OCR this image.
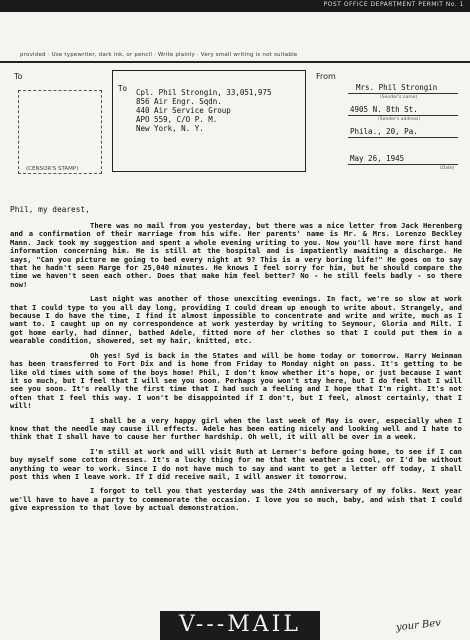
POST OFFICE DEPARTMENT PERMIT No. 1
provided · Use typewriter, dark ink, or pencil · Write plainly · Very small writing is not suitable
To	From
To Cpl. Phil Strongin, 33,051,975
856 Air Engr. Sqdn.
440 Air Service Group
APO 559, C/O P. M.
New York, N. Y.
(CENSOR'S STAMP)
Mrs. Phil Strongin
(Sender's name)
4905 N. 8th St.
(Sender's address)
Phila., 20, Pa.
May 26, 1945
(Date)
Phil, my dearest,

There was no mail from you yesterday, but there was a nice letter from Jack Herenberg and a confirmation of their marriage from his wife. Her parents' name is Mr. & Mrs. Lorenzo Beckley Mann. Jack took my suggestion and spent a whole evening writing to you. Now you'll have more first hand information concerning him. He is still at the hospital and is impatiently awaiting a discharge. He says, "Can you picture me going to bed every night at 9? This is a very boring life!" He goes on to say that he hadn't seen Marge for 25,040 minutes. He knows I feel sorry for him, but he should compare the time we haven't seen each other. Does that make him feel better? No - he still feels badly - so there now!

Last night was another of those unexciting evenings. In fact, we're so slow at work that I could type to you all day long, providing I could dream up enough to write about. Strangely, and because I do have the time, I find it almost impossible to concentrate and write and write, much as I want to. I caught up on my correspondence at work yesterday by writing to Seymour, Gloria and Milt. I got home early, had dinner, bathed Adele, fitted more of her clothes so that I could put them in a wearable condition, showered, set my hair, knitted, etc.

Oh yes! Syd is back in the States and will be home today or tomorrow. Harry Weinman has been transferred to Fort Dix and is home from Friday to Monday night on pass. It's getting to be like old times with some of the boys home! Phil, I don't know whether it's hope, or just because I want it so much, but I feel that I will see you soon. Perhaps you won't stay here, but I do feel that I will see you soon. It's really the first time that I had such a feeling and I hope that I'm right. It's not often that I feel this way. I won't be disappointed if I don't, but I feel, almost certainly, that I will!

I shall be a very happy girl when the last week of May is over, especially when I know that the needle may cause ill effects. Adele has been eating nicely and looking well and I hate to think that I shall have to cause her further hardship. Oh well, it will all be over in a week.

I'm still at work and will visit Ruth at Lerner's before going home, to see if I can buy myself some cotton dresses. It's a lucky thing for me that the weather is cool, or I'd be without anything to wear to work. Since I do not have much to say and want to get a letter off today, I shall post this when I leave work. If I did receive mail, I will answer it tomorrow.

I forgot to tell you that yesterday was the 24th anniversary of my folks. Next year we'll have to have a party to commemorate the occasion. I love you so much, baby, and wish that I could give expression to that love by actual demonstration.

V---MAIL	your Bev
